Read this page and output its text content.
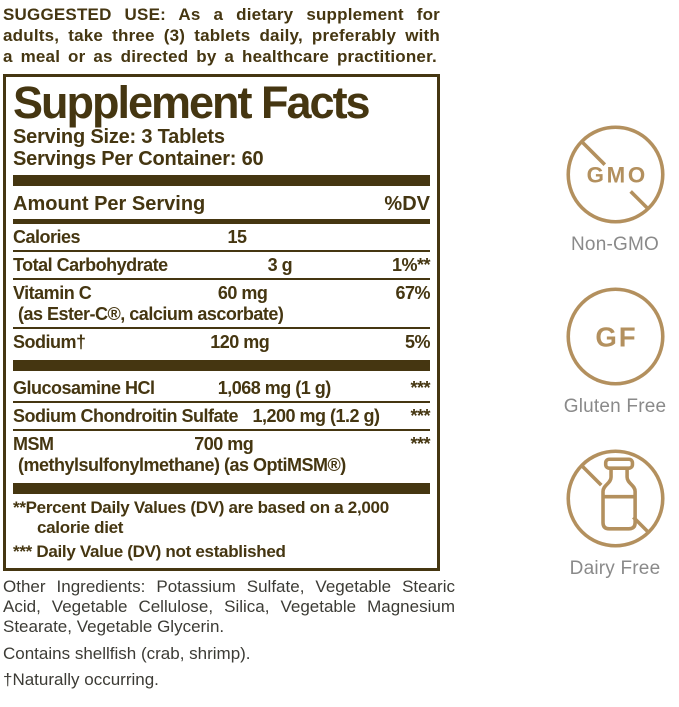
SUGGESTED USE: As a dietary supplement for adults, take three (3) tablets daily, preferably with a meal or as directed by a healthcare practitioner.

Supplement Facts
Serving Size: 3 Tablets
Servings Per Container: 60
Amount Per Serving	%DV
Calories	15
Total Carbohydrate	3 g	1%**
Vitamin C	60 mg	67%
(as Ester-C®, calcium ascorbate)
Sodium†	120 mg	5%
Glucosamine HCl	1,068 mg (1 g)	***
Sodium Chondroitin Sulfate 1,200 mg (1.2 g)	***
MSM	700 mg	***
(methylsulfonylmethane) (as OptiMSM®)
**Percent Daily Values (DV) are based on a 2,000 calorie diet
*** Daily Value (DV) not established

Other Ingredients: Potassium Sulfate, Vegetable Stearic Acid, Vegetable Cellulose, Silica, Vegetable Magnesium Stearate, Vegetable Glycerin.

Contains shellfish (crab, shrimp).

†Naturally occurring.

GMO
Non-GMO
GF
Gluten Free
Dairy Free
